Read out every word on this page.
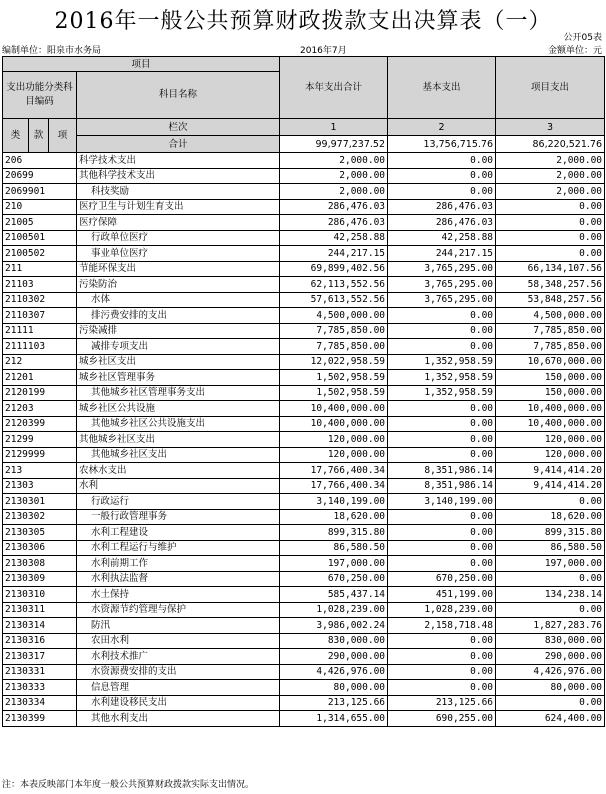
2016年一般公共预算财政拨款支出决算表（一）
公开05表
编制单位：阳泉市水务局	2016年7月	金额单位：元
项目				本年支出合计	基本支出	项目支出
支出功能分类科目编码			科目名称			
类	款	项	栏次	1	2	3
			合计	99,977,237.52	13,756,715.76	86,220,521.76
206			科学技术支出	2,000.00	0.00	2,000.00
20699			其他科学技术支出	2,000.00	0.00	2,000.00
2069901			科技奖励	2,000.00	0.00	2,000.00
210			医疗卫生与计划生育支出	286,476.03	286,476.03	0.00
21005			医疗保障	286,476.03	286,476.03	0.00
2100501			行政单位医疗	42,258.88	42,258.88	0.00
2100502			事业单位医疗	244,217.15	244,217.15	0.00
211			节能环保支出	69,899,402.56	3,765,295.00	66,134,107.56
21103			污染防治	62,113,552.56	3,765,295.00	58,348,257.56
2110302			水体	57,613,552.56	3,765,295.00	53,848,257.56
2110307			排污费安排的支出	4,500,000.00	0.00	4,500,000.00
21111			污染减排	7,785,850.00	0.00	7,785,850.00
2111103			减排专项支出	7,785,850.00	0.00	7,785,850.00
212			城乡社区支出	12,022,958.59	1,352,958.59	10,670,000.00
21201			城乡社区管理事务	1,502,958.59	1,352,958.59	150,000.00
2120199			其他城乡社区管理事务支出	1,502,958.59	1,352,958.59	150,000.00
21203			城乡社区公共设施	10,400,000.00	0.00	10,400,000.00
2120399			其他城乡社区公共设施支出	10,400,000.00	0.00	10,400,000.00
21299			其他城乡社区支出	120,000.00	0.00	120,000.00
2129999			其他城乡社区支出	120,000.00	0.00	120,000.00
213			农林水支出	17,766,400.34	8,351,986.14	9,414,414.20
21303			水利	17,766,400.34	8,351,986.14	9,414,414.20
2130301			行政运行	3,140,199.00	3,140,199.00	0.00
2130302			一般行政管理事务	18,620.00	0.00	18,620.00
2130305			水利工程建设	899,315.80	0.00	899,315.80
2130306			水利工程运行与维护	86,580.50	0.00	86,580.50
2130308			水利前期工作	197,000.00	0.00	197,000.00
2130309			水利执法监督	670,250.00	670,250.00	0.00
2130310			水土保持	585,437.14	451,199.00	134,238.14
2130311			水资源节约管理与保护	1,028,239.00	1,028,239.00	0.00
2130314			防汛	3,986,002.24	2,158,718.48	1,827,283.76
2130316			农田水利	830,000.00	0.00	830,000.00
2130317			水利技术推广	290,000.00	0.00	290,000.00
2130331			水资源费安排的支出	4,426,976.00	0.00	4,426,976.00
2130333			信息管理	80,000.00	0.00	80,000.00
2130334			水利建设移民支出	213,125.66	213,125.66	0.00
2130399			其他水利支出	1,314,655.00	690,255.00	624,400.00
注：本表反映部门本年度一般公共预算财政拨款实际支出情况。
